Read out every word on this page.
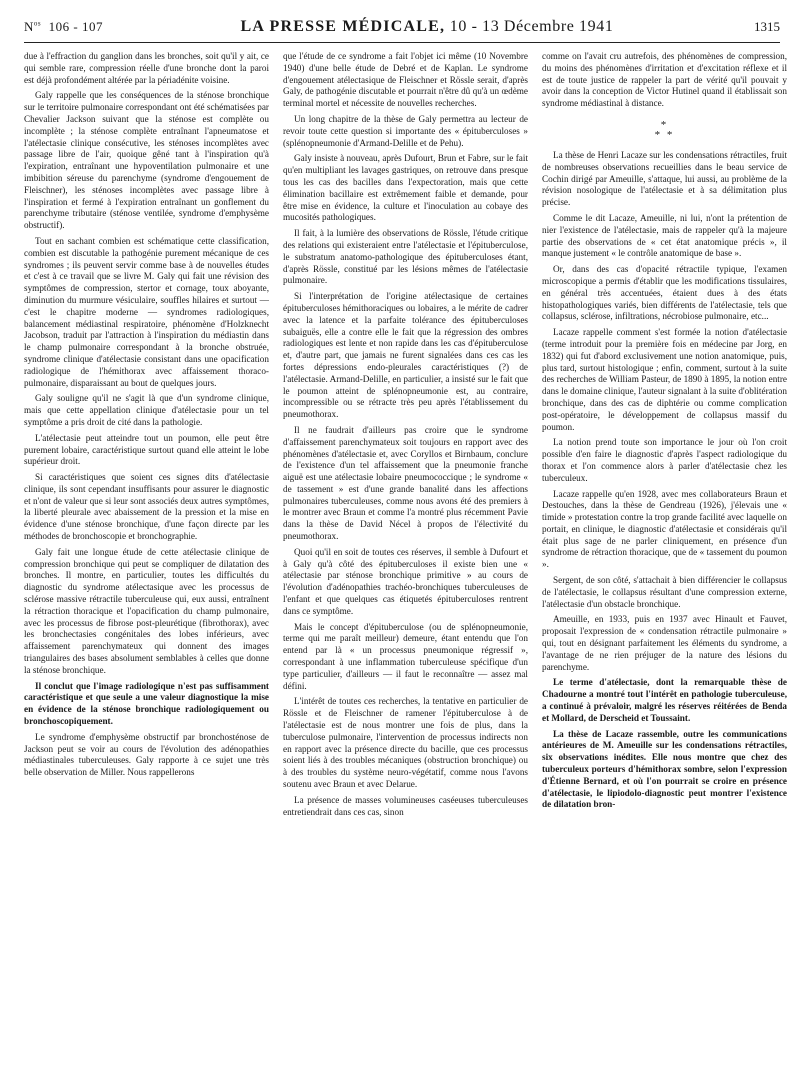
$N^{os}$ 106 - 107	LA PRESSE MÉDICALE, 10 - 13 Décembre 1941	1315

due à l'effraction du ganglion dans les bronches, soit qu'il y ait, ce qui semble rare, compression réelle d'une bronche dont la paroi est déjà profondément altérée par la périadénite voisine.

Galy rappelle que les conséquences de la sténose bronchique sur le territoire pulmonaire correspondant ont été schématisées par Chevalier Jackson suivant que la sténose est complète ou incomplète ; la sténose complète entraînant l'apneumatose et l'atélectasie clinique consécutive, les sténoses incomplètes avec passage libre de l'air, quoique gêné tant à l'inspiration qu'à l'expiration, entraînant une hypoventilation pulmonaire et une imbibition séreuse du parenchyme (syndrome d'engouement de Fleischner), les sténoses incomplètes avec passage libre à l'inspiration et fermé à l'expiration entraînant un gonflement du parenchyme tributaire (sténose ventilée, syndrome d'emphysème obstructif).

Tout en sachant combien est schématique cette classification, combien est discutable la pathogénie purement mécanique de ces syndromes ; ils peuvent servir comme base à de nouvelles études et c'est à ce travail que se livre M. Galy qui fait une révision des symptômes de compression, stertor et cornage, toux aboyante, diminution du murmure vésiculaire, souffles hilaires et surtout — c'est le chapitre moderne — syndromes radiologiques, balancement médiastinal respiratoire, phénomène d'Holzknecht Jacobson, traduit par l'attraction à l'inspiration du médiastin dans le champ pulmonaire correspondant à la bronche obstruée, syndrome clinique d'atélectasie consistant dans une opacification radiologique de l'hémithorax avec affaissement thoraco-pulmonaire, disparaissant au bout de quelques jours.

Galy souligne qu'il ne s'agit là que d'un syndrome clinique, mais que cette appellation clinique d'atélectasie pour un tel symptôme a pris droit de cité dans la pathologie.

L'atélectasie peut atteindre tout un poumon, elle peut être purement lobaire, caractéristique surtout quand elle atteint le lobe supérieur droit.

Si caractéristiques que soient ces signes dits d'atélectasie clinique, ils sont cependant insuffisants pour assurer le diagnostic et n'ont de valeur que si leur sont associés deux autres symptômes, la liberté pleurale avec abaissement de la pression et la mise en évidence d'une sténose bronchique, d'une façon directe par les méthodes de bronchoscopie et bronchographie.

Galy fait une longue étude de cette atélectasie clinique de compression bronchique qui peut se compliquer de dilatation des bronches. Il montre, en particulier, toutes les difficultés du diagnostic du syndrome atélectasique avec les processus de sclérose massive rétractile tuberculeuse qui, eux aussi, entraînent la rétraction thoracique et l'opacification du champ pulmonaire, avec les processus de fibrose post-pleurétique (fibrothorax), avec les bronchectasies congénitales des lobes inférieurs, avec affaissement parenchymateux qui donnent des images triangulaires des bases absolument semblables à celles que donne la sténose bronchique.

Il conclut que l'image radiologique n'est pas suffisamment caractéristique et que seule a une valeur diagnostique la mise en évidence de la sténose bronchique radiologiquement ou bronchoscopiquement.

Le syndrome d'emphysème obstructif par bronchosténose de Jackson peut se voir au cours de l'évolution des adénopathies médiastinales tuberculeuses. Galy rapporte à ce sujet une très belle observation de Miller. Nous rappellerons

que l'étude de ce syndrome a fait l'objet ici même (10 Novembre 1940) d'une belle étude de Debré et de Kaplan. Le syndrome d'engouement atélectasique de Fleischner et Rössle serait, d'après Galy, de pathogénie discutable et pourrait n'être dû qu'à un œdème terminal mortel et nécessite de nouvelles recherches.

Un long chapitre de la thèse de Galy permettra au lecteur de revoir toute cette question si importante des « épituberculoses » (splénopneumonie d'Armand-Delille et de Pehu).

Galy insiste à nouveau, après Dufourt, Brun et Fabre, sur le fait qu'en multipliant les lavages gastriques, on retrouve dans presque tous les cas des bacilles dans l'expectoration, mais que cette élimination bacillaire est extrêmement faible et demande, pour être mise en évidence, la culture et l'inoculation au cobaye des mucosités pathologiques.

Il fait, à la lumière des observations de Rössle, l'étude critique des relations qui existeraient entre l'atélectasie et l'épituberculose, le substratum anatomo-pathologique des épituberculoses étant, d'après Rössle, constitué par les lésions mêmes de l'atélectasie pulmonaire.

Si l'interprétation de l'origine atélectasique de certaines épituberculoses hémithoraciques ou lobaires, a le mérite de cadrer avec la latence et la parfaite tolérance des épituberculoses subaiguës, elle a contre elle le fait que la régression des ombres radiologiques est lente et non rapide dans les cas d'épituberculose et, d'autre part, que jamais ne furent signalées dans ces cas les fortes dépressions endo-pleurales caractéristiques (?) de l'atélectasie. Armand-Delille, en particulier, a insisté sur le fait que le poumon atteint de splénopneumonie est, au contraire, incompressible ou se rétracte très peu après l'établissement du pneumothorax.

Il ne faudrait d'ailleurs pas croire que le syndrome d'affaissement parenchymateux soit toujours en rapport avec des phénomènes d'atélectasie et, avec Coryllos et Birnbaum, conclure de l'existence d'un tel affaissement que la pneumonie franche aiguë est une atélectasie lobaire pneumococcique ; le syndrome « de tassement » est d'une grande banalité dans les affections pulmonaires tuberculeuses, comme nous avons été des premiers à le montrer avec Braun et comme l'a montré plus récemment Pavie dans la thèse de David Nécel à propos de l'électivité du pneumothorax.

Quoi qu'il en soit de toutes ces réserves, il semble à Dufourt et à Galy qu'à côté des épituberculoses il existe bien une « atélectasie par sténose bronchique primitive » au cours de l'évolution d'adénopathies trachéo-bronchiques tuberculeuses de l'enfant et que quelques cas étiquetés épituberculoses rentrent dans ce symptôme.

Mais le concept d'épituberculose (ou de splénopneumonie, terme qui me paraît meilleur) demeure, étant entendu que l'on entend par là « un processus pneumonique régressif », correspondant à une inflammation tuberculeuse spécifique d'un type particulier, d'ailleurs — il faut le reconnaître — assez mal défini.

L'intérêt de toutes ces recherches, la tentative en particulier de Rössle et de Fleischner de ramener l'épituberculose à de l'atélectasie est de nous montrer une fois de plus, dans la tuberculose pulmonaire, l'intervention de processus indirects non en rapport avec la présence directe du bacille, que ces processus soient liés à des troubles mécaniques (obstruction bronchique) ou à des troubles du système neuro-végétatif, comme nous l'avons soutenu avec Braun et avec Delarue.

La présence de masses volumineuses caséeuses tuberculeuses entretiendrait dans ces cas, sinon

comme on l'avait cru autrefois, des phénomènes de compression, du moins des phénomènes d'irritation et d'excitation réflexe et il est de toute justice de rappeler la part de vérité qu'il pouvait y avoir dans la conception de Victor Hutinel quand il établissait son syndrome médiastinal à distance.

*
* *

La thèse de Henri Lacaze sur les condensations rétractiles, fruit de nombreuses observations recueillies dans le beau service de Cochin dirigé par Ameuille, s'attaque, lui aussi, au problème de la révision nosologique de l'atélectasie et à sa délimitation plus précise.

Comme le dit Lacaze, Ameuille, ni lui, n'ont la prétention de nier l'existence de l'atélectasie, mais de rappeler qu'à la majeure partie des observations de « cet état anatomique précis », il manque justement « le contrôle anatomique de base ».

Or, dans des cas d'opacité rétractile typique, l'examen microscopique a permis d'établir que les modifications tissulaires, en général très accentuées, étaient dues à des états histopathologiques variés, bien différents de l'atélectasie, tels que collapsus, sclérose, infiltrations, nécrobiose pulmonaire, etc...

Lacaze rappelle comment s'est formée la notion d'atélectasie (terme introduit pour la première fois en médecine par Jorg, en 1832) qui fut d'abord exclusivement une notion anatomique, puis, plus tard, surtout histologique ; enfin, comment, surtout à la suite des recherches de William Pasteur, de 1890 à 1895, la notion entre dans le domaine clinique, l'auteur signalant à la suite d'oblitération bronchique, dans des cas de diphtérie ou comme complication post-opératoire, le développement de collapsus massif du poumon.

La notion prend toute son importance le jour où l'on croit possible d'en faire le diagnostic d'après l'aspect radiologique du thorax et l'on commence alors à parler d'atélectasie chez les tuberculeux.

Lacaze rappelle qu'en 1928, avec mes collaborateurs Braun et Destouches, dans la thèse de Gendreau (1926), j'élevais une « timide » protestation contre la trop grande facilité avec laquelle on portait, en clinique, le diagnostic d'atélectasie et considérais qu'il était plus sage de ne parler cliniquement, en présence d'un syndrome de rétraction thoracique, que de « tassement du poumon ».

Sergent, de son côté, s'attachait à bien différencier le collapsus de l'atélectasie, le collapsus résultant d'une compression externe, l'atélectasie d'un obstacle bronchique.

Ameuille, en 1933, puis en 1937 avec Hinault et Fauvet, proposait l'expression de « condensation rétractile pulmonaire » qui, tout en désignant parfaitement les éléments du syndrome, a l'avantage de ne rien préjuger de la nature des lésions du parenchyme.

Le terme d'atélectasie, dont la remarquable thèse de Chadourne a montré tout l'intérêt en pathologie tuberculeuse, a continué à prévaloir, malgré les réserves réitérées de Benda et Mollard, de Derscheid et Toussaint.

La thèse de Lacaze rassemble, outre les communications antérieures de M. Ameuille sur les condensations rétractiles, six observations inédites. Elle nous montre que chez des tuberculeux porteurs d'hémithorax sombre, selon l'expression d'Étienne Bernard, et où l'on pourrait se croire en présence d'atélectasie, le lipiodolo-diagnostic peut montrer l'existence de dilatation bron-
